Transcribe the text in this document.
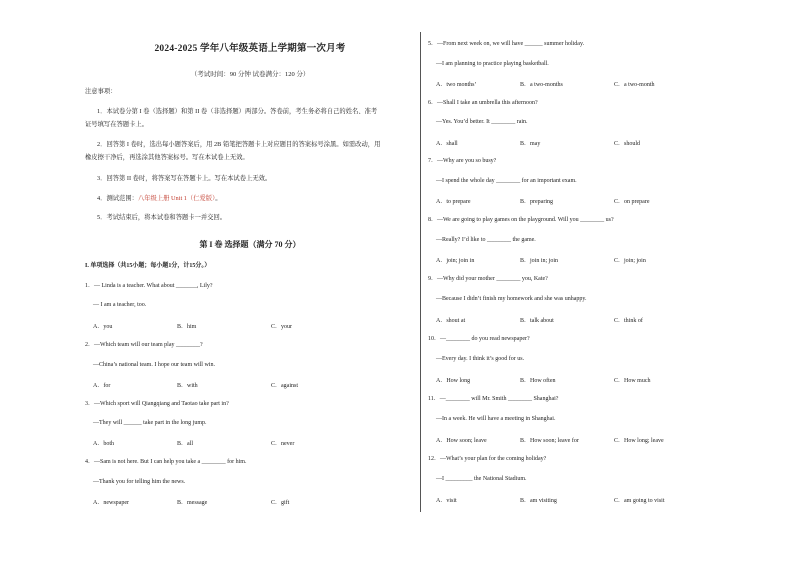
2024-2025 学年八年级英语上学期第一次月考
（考试时间：90 分钟 试卷满分：120 分）
注意事项：
1．本试卷分第 I 卷（选择题）和第 II 卷（非选择题）两部分。答卷前，考生务必将自己的姓名、准考
证号填写在答题卡上。
2．回答第 I 卷时，选出每小题答案后，用 2B 铅笔把答题卡上对应题目的答案标号涂黑。如需改动，用
橡皮擦干净后，再选涂其他答案标号。写在本试卷上无效。
3．回答第 II 卷时，将答案写在答题卡上。写在本试卷上无效。
4．测试范围：八年级上册 Unit 1（仁爱版）。
5．考试结束后，将本试卷和答题卡一并交回。
第 I 卷 选择题（满分 70 分）
I. 单项选择（共15小题；每小题1分，计15分。）
1．— Linda is a teacher. What about _______, Lily?
— I am a teacher, too.
A．you	B．him	C．your
2．—Which team will our team play ________?
—China’s national team. I hope our team will win.
A．for	B．with	C．against
3．—Which sport will Qiangqiang and Taotao take part in?
—They will ______ take part in the long jump.
A．both	B．all	C．never
4．—Sam is not here. But I can help you take a ________ for him.
—Thank you for telling him the news.
A．newspaper	B．message	C．gift
5．—From next week on, we will have ______ summer holiday.
—I am planning to practice playing basketball.
A．two months’	B．a two-months	C．a two-month
6．—Shall I take an umbrella this afternoon?
—Yes. You’d better. It ________ rain.
A．shall	B．may	C．should
7．—Why are you so busy?
—I spend the whole day ________ for an important exam.
A．to prepare	B．preparing	C．on prepare
8．—We are going to play games on the playground. Will you ________ us?
—Really? I’d like to ________ the game.
A．join; join in	B．join in; join	C．join; join
9．—Why did your mother ________ you, Kate?
—Because I didn’t finish my homework and she was unhappy.
A．shout at	B．talk about	C．think of
10．—________ do you read newspaper?
—Every day. I think it’s good for us.
A．How long	B．How often	C．How much
11．—________ will Mr. Smith ________ Shanghai?
—In a week. He will have a meeting in Shanghai.
A．How soon; leave	B．How soon; leave for	C．How long; leave
12．—What’s your plan for the coming holiday?
—I _________ the National Stadium.
A．visit	B．am visiting	C．am going to visit
